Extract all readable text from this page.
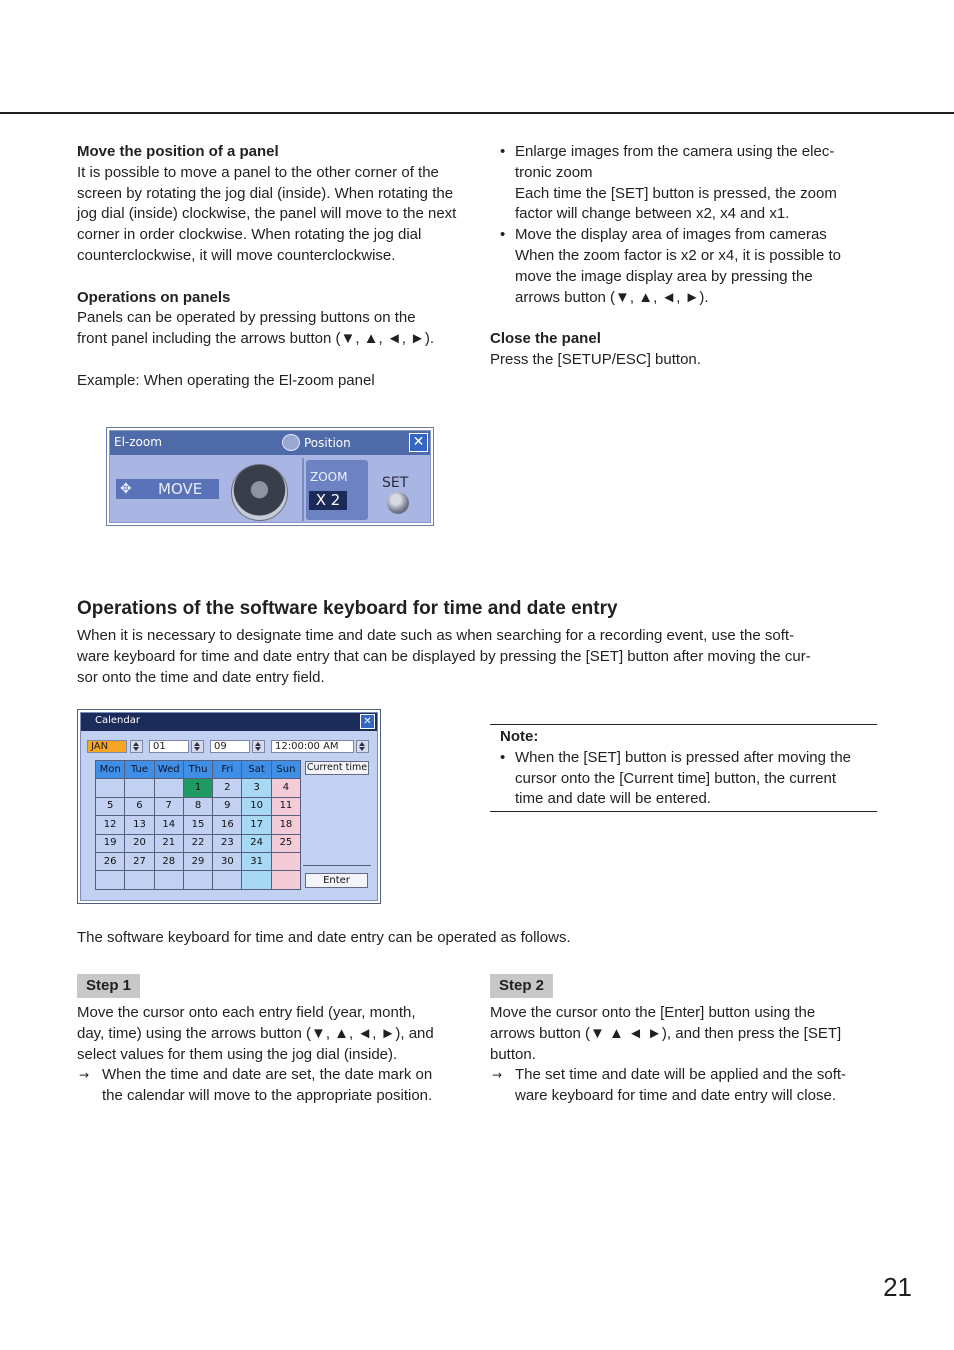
Move the position of a panel

It is possible to move a panel to the other corner of the screen by rotating the jog dial (inside). When rotating the jog dial (inside) clockwise, the panel will move to the next corner in order clockwise. When rotating the jog dial counterclockwise, it will move counterclockwise.

Operations on panels

Panels can be operated by pressing buttons on the

front panel including the arrows button (▼, ▲, ◄, ►).

Example: When operating the El-zoom panel

• Enlarge images from the camera using the elec-

tronic zoom

Each time the [SET] button is pressed, the zoom

factor will change between x2, x4 and x1.

• Move the display area of images from cameras

When the zoom factor is x2 or x4, it is possible to

move the image display area by pressing the

arrows button (▼, ▲, ◄, ►).

Close the panel

Press the [SETUP/ESC] button.

El-zoom	Position	✕
✥ MOVE
ZOOM
X 2
SET
Operations of the software keyboard for time and date entry

When it is necessary to designate time and date such as when searching for a recording event, use the soft-

ware keyboard for time and date entry that can be displayed by pressing the [SET] button after moving the cur-

sor onto the time and date entry field.

Calendar	✕
JAN	01	09	12:00:00 AM
Mon	Tue	Wed	Thu	Fri	Sat	Sun
			1	2	3	4
5	6	7	8	9	10	11
12	13	14	15	16	17	18
19	20	21	22	23	24	25
26	27	28	29	30	31	

Current time
Enter

Note:

• When the [SET] button is pressed after moving the

cursor onto the [Current time] button, the current

time and date will be entered.

The software keyboard for time and date entry can be operated as follows.
Step 1

Move the cursor onto each entry field (year, month,

day, time) using the arrows button (▼, ▲, ◄, ►), and

select values for them using the jog dial (inside).

→ When the time and date are set, the date mark on

the calendar will move to the appropriate position.

Step 2

Move the cursor onto the [Enter] button using the

arrows button (▼ ▲ ◄ ►), and then press the [SET]

button.

→ The set time and date will be applied and the soft-

ware keyboard for time and date entry will close.

21
